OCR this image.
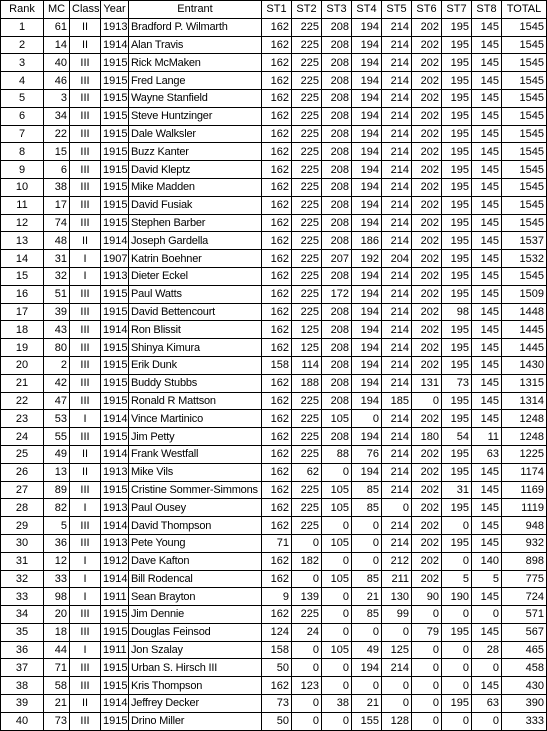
Rank	MC	Class	Year	Entrant	ST1	ST2	ST3	ST4	ST5	ST6	ST7	ST8	TOTAL
1	61	II	1913	Bradford P. Wilmarth	162	225	208	194	214	202	195	145	1545
2	14	II	1914	Alan Travis	162	225	208	194	214	202	195	145	1545
3	40	III	1915	Rick McMaken	162	225	208	194	214	202	195	145	1545
4	46	III	1915	Fred Lange	162	225	208	194	214	202	195	145	1545
5	3	III	1915	Wayne Stanfield	162	225	208	194	214	202	195	145	1545
6	34	III	1915	Steve Huntzinger	162	225	208	194	214	202	195	145	1545
7	22	III	1915	Dale Walksler	162	225	208	194	214	202	195	145	1545
8	15	III	1915	Buzz Kanter	162	225	208	194	214	202	195	145	1545
9	6	III	1915	David Kleptz	162	225	208	194	214	202	195	145	1545
10	38	III	1915	Mike Madden	162	225	208	194	214	202	195	145	1545
11	17	III	1915	David Fusiak	162	225	208	194	214	202	195	145	1545
12	74	III	1915	Stephen Barber	162	225	208	194	214	202	195	145	1545
13	48	II	1914	Joseph Gardella	162	225	208	186	214	202	195	145	1537
14	31	I	1907	Katrin Boehner	162	225	207	192	204	202	195	145	1532
15	32	I	1913	Dieter Eckel	162	225	208	194	214	202	195	145	1545
16	51	III	1915	Paul Watts	162	225	172	194	214	202	195	145	1509
17	39	III	1915	David Bettencourt	162	225	208	194	214	202	98	145	1448
18	43	III	1914	Ron Blissit	162	125	208	194	214	202	195	145	1445
19	80	III	1915	Shinya Kimura	162	125	208	194	214	202	195	145	1445
20	2	III	1915	Erik Dunk	158	114	208	194	214	202	195	145	1430
21	42	III	1915	Buddy Stubbs	162	188	208	194	214	131	73	145	1315
22	47	III	1915	Ronald R Mattson	162	225	208	194	185	0	195	145	1314
23	53	I	1914	Vince Martinico	162	225	105	0	214	202	195	145	1248
24	55	III	1915	Jim Petty	162	225	208	194	214	180	54	11	1248
25	49	II	1914	Frank Westfall	162	225	88	76	214	202	195	63	1225
26	13	II	1913	Mike Vils	162	62	0	194	214	202	195	145	1174
27	89	III	1915	Cristine Sommer-Simmons	162	225	105	85	214	202	31	145	1169
28	82	I	1913	Paul Ousey	162	225	105	85	0	202	195	145	1119
29	5	III	1914	David Thompson	162	225	0	0	214	202	0	145	948
30	36	III	1913	Pete Young	71	0	105	0	214	202	195	145	932
31	12	I	1912	Dave Kafton	162	182	0	0	212	202	0	140	898
32	33	I	1914	Bill Rodencal	162	0	105	85	211	202	5	5	775
33	98	I	1911	Sean Brayton	9	139	0	21	130	90	190	145	724
34	20	III	1915	Jim Dennie	162	225	0	85	99	0	0	0	571
35	18	III	1915	Douglas Feinsod	124	24	0	0	0	79	195	145	567
36	44	I	1911	Jon Szalay	158	0	105	49	125	0	0	28	465
37	71	III	1915	Urban S. Hirsch III	50	0	0	194	214	0	0	0	458
38	58	III	1915	Kris Thompson	162	123	0	0	0	0	0	145	430
39	21	II	1914	Jeffrey Decker	73	0	38	21	0	0	195	63	390
40	73	III	1915	Drino Miller	50	0	0	155	128	0	0	0	333
